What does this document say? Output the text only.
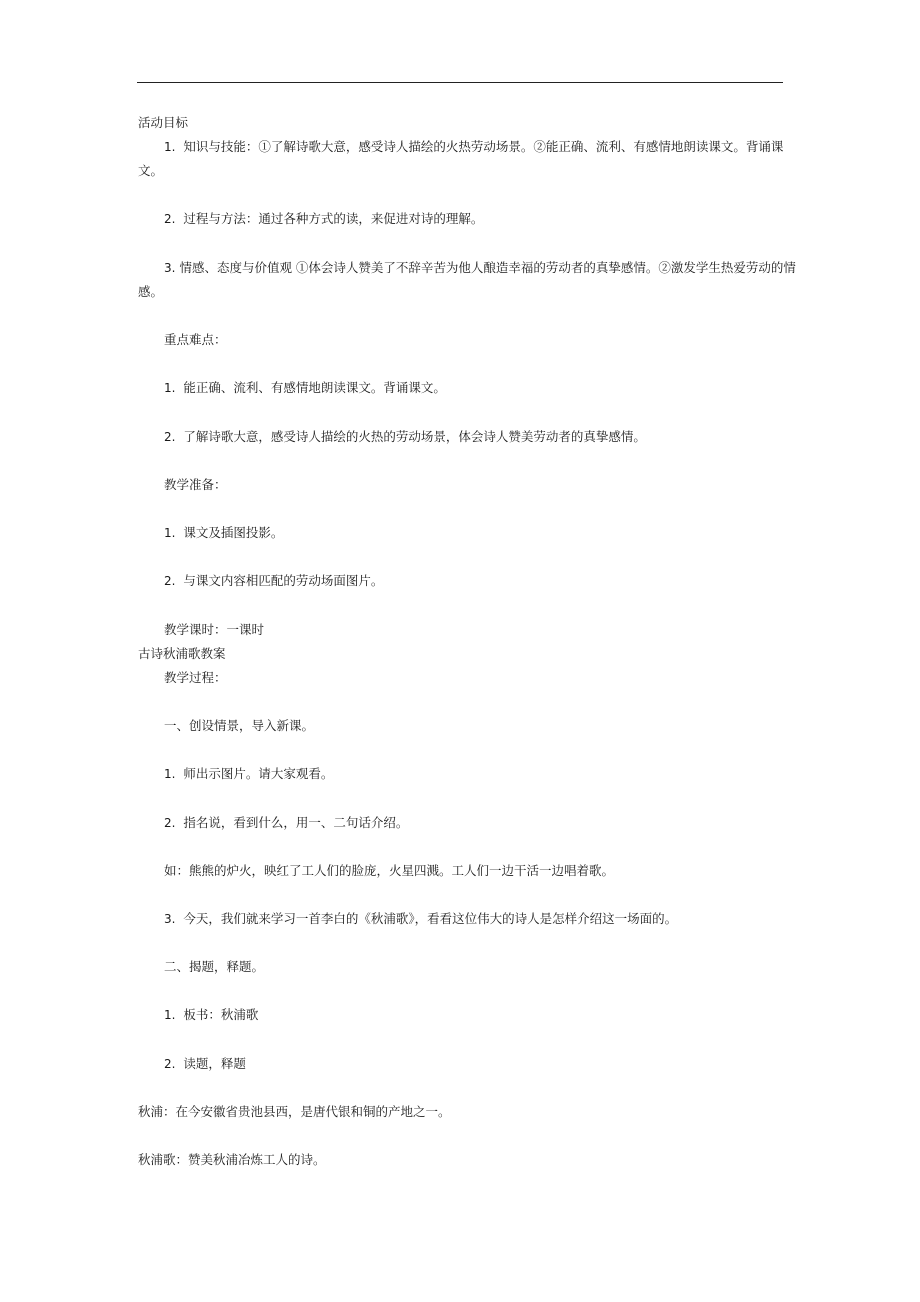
活动目标
1. 知识与技能：①了解诗歌大意，感受诗人描绘的火热劳动场景。②能正确、流利、有感情地朗读课文。背诵课
文。
2. 过程与方法：通过各种方式的读，来促进对诗的理解。
3. 情感、态度与价值观 ①体会诗人赞美了不辞辛苦为他人酿造幸福的劳动者的真挚感情。②激发学生热爱劳动的情
感。
重点难点：
1. 能正确、流利、有感情地朗读课文。背诵课文。
2. 了解诗歌大意，感受诗人描绘的火热的劳动场景，体会诗人赞美劳动者的真挚感情。
教学准备：
1. 课文及插图投影。
2. 与课文内容相匹配的劳动场面图片。
教学课时：一课时
古诗秋浦歌教案
教学过程：
一、创设情景，导入新课。
1. 师出示图片。请大家观看。
2. 指名说，看到什么，用一、二句话介绍。
如：熊熊的炉火，映红了工人们的脸庞，火星四溅。工人们一边干活一边唱着歌。
3. 今天，我们就来学习一首李白的《秋浦歌》，看看这位伟大的诗人是怎样介绍这一场面的。
二、揭题，释题。
1. 板书：秋浦歌
2. 读题，释题
秋浦：在今安徽省贵池县西，是唐代银和铜的产地之一。
秋浦歌：赞美秋浦冶炼工人的诗。
